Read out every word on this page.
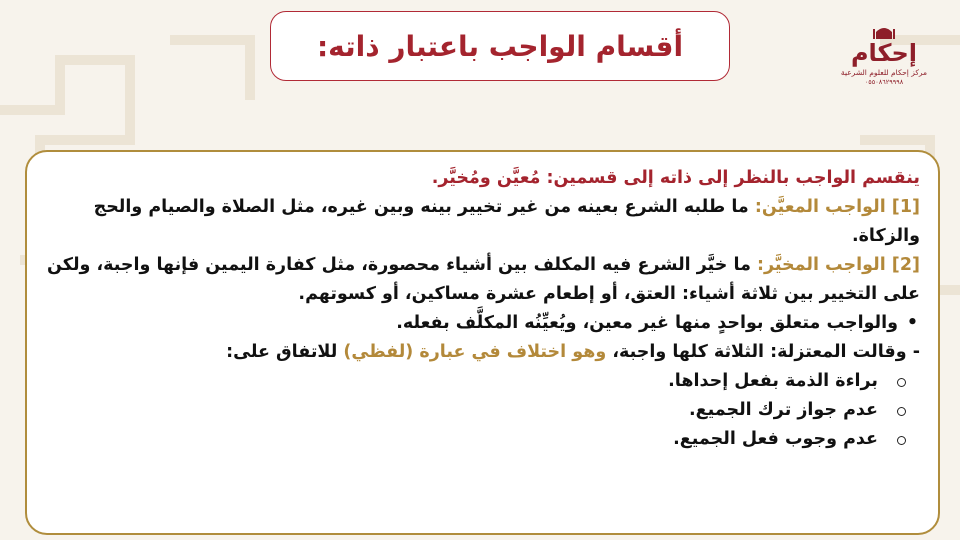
أقسام الواجب باعتبار ذاته:	إحكام
مركز إحكام للعلوم الشرعية
٠٥٥٠٨٦٢٩٩٩٨

ينقسم الواجب بالنظر إلى ذاته إلى قسمين: مُعيَّن ومُخيَّر.

[1] الواجب المعيَّن: ما طلبه الشرع بعينه من غير تخيير بينه وبين غيره، مثل الصلاة والصيام والحج والزكاة.

[2] الواجب المخيَّر: ما خيَّر الشرع فيه المكلف بين أشياء محصورة، مثل كفارة اليمين فإنها واجبة، ولكن على التخيير بين ثلاثة أشياء: العتق، أو إطعام عشرة مساكين، أو كسوتهم.

•
والواجب متعلق بواحدٍ منها غير معين، ويُعيِّنُه المكلَّف بفعله.

- وقالت المعتزلة: الثلاثة كلها واجبة، وهو اختلاف في عبارة (لفظي) للاتفاق على:

براءة الذمة بفعل إحداها.

عدم جواز ترك الجميع.

عدم وجوب فعل الجميع.
